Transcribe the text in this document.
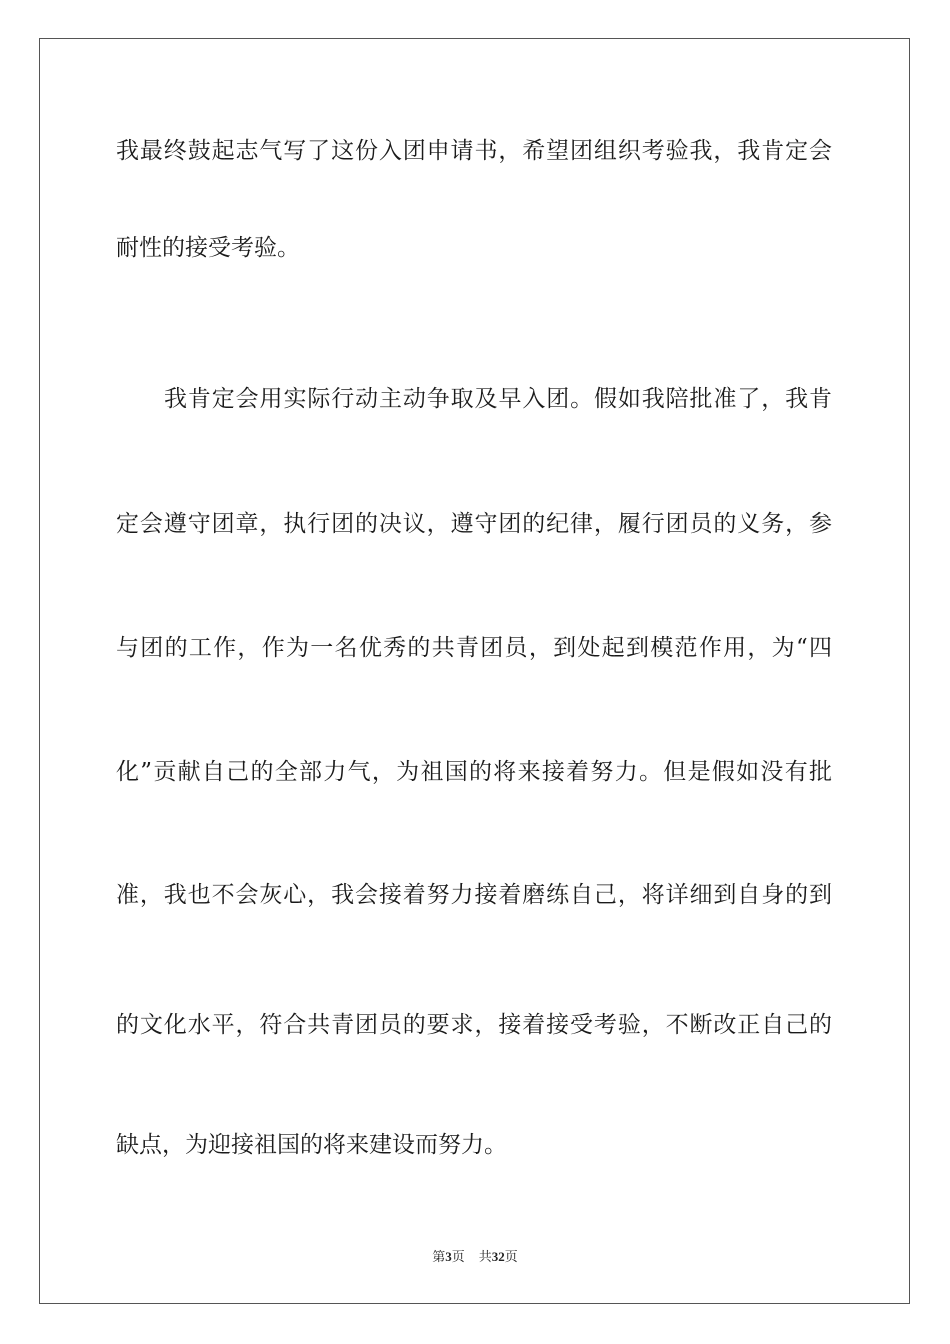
我最终鼓起志气写了这份入团申请书，希望团组织考验我，我肯定会
耐性的接受考验。
我肯定会用实际行动主动争取及早入团。假如我陪批准了，我肯
定会遵守团章，执行团的决议，遵守团的纪律，履行团员的义务，参
与团的工作，作为一名优秀的共青团员，到处起到模范作用，为“四
化”贡献自己的全部力气，为祖国的将来接着努力。但是假如没有批
准，我也不会灰心，我会接着努力接着磨练自己，将详细到自身的到
的文化水平，符合共青团员的要求，接着接受考验，不断改正自己的
缺点，为迎接祖国的将来建设而努力。
第3页 共32页
